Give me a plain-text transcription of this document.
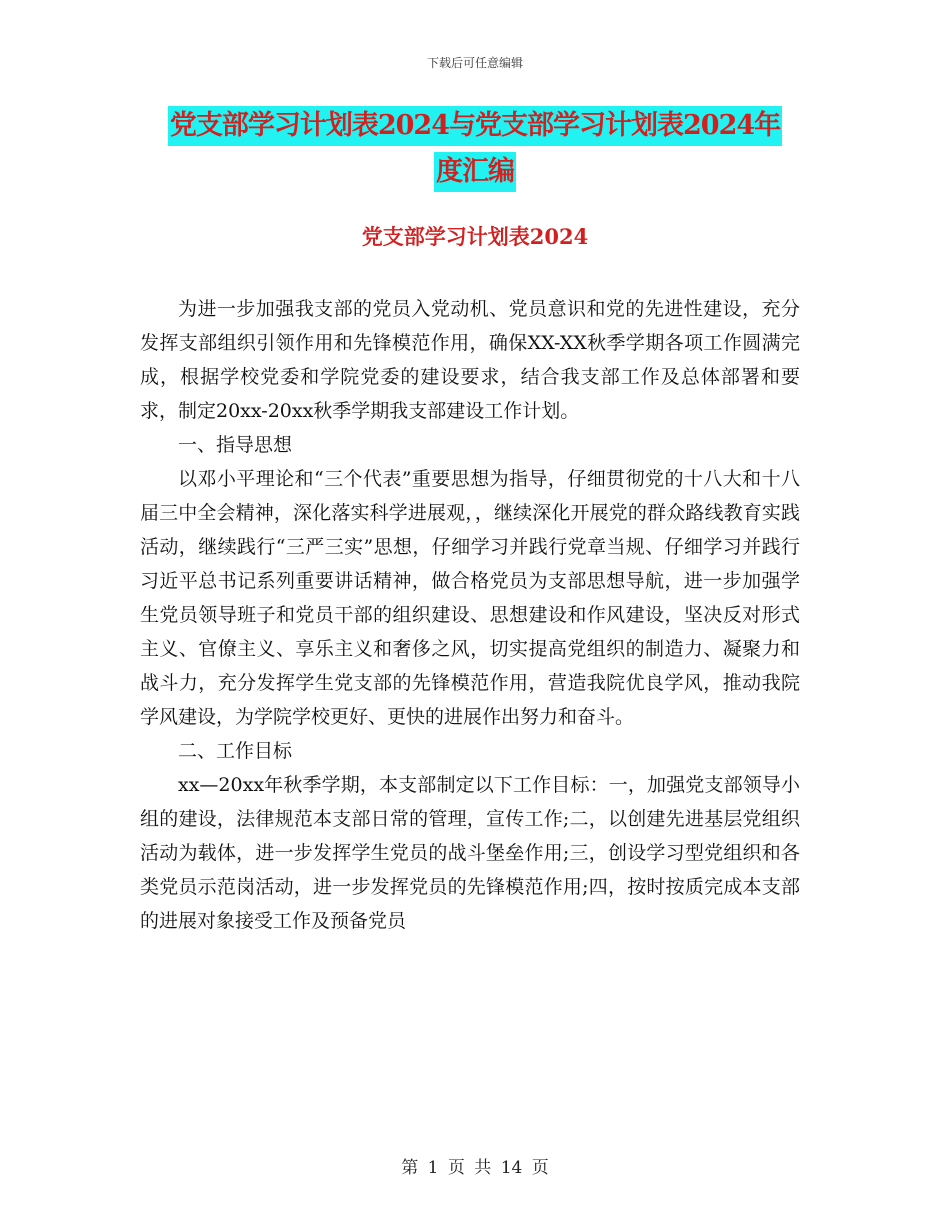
下载后可任意编辑
党支部学习计划表2024与党支部学习计划表2024年
度汇编
党支部学习计划表2024

为进一步加强我支部的党员入党动机、党员意识和党的先进性建设，充分发挥支部组织引领作用和先锋模范作用，确保XX-XX秋季学期各项工作圆满完成，根据学校党委和学院党委的建设要求，结合我支部工作及总体部署和要求，制定20xx-20xx秋季学期我支部建设工作计划。

一、指导思想

以邓小平理论和“三个代表”重要思想为指导，仔细贯彻党的十八大和十八届三中全会精神，深化落实科学进展观，，继续深化开展党的群众路线教育实践活动，继续践行“三严三实”思想，仔细学习并践行党章当规、仔细学习并践行习近平总书记系列重要讲话精神，做合格党员为支部思想导航，进一步加强学生党员领导班子和党员干部的组织建设、思想建设和作风建设，坚决反对形式主义、官僚主义、享乐主义和奢侈之风，切实提高党组织的制造力、凝聚力和战斗力，充分发挥学生党支部的先锋模范作用，营造我院优良学风，推动我院学风建设，为学院学校更好、更快的进展作出努力和奋斗。

二、工作目标

xx—20xx年秋季学期，本支部制定以下工作目标：一，加强党支部领导小组的建设，法律规范本支部日常的管理，宣传工作;二，以创建先进基层党组织活动为载体，进一步发挥学生党员的战斗堡垒作用;三，创设学习型党组织和各类党员示范岗活动，进一步发挥党员的先锋模范作用;四，按时按质完成本支部的进展对象接受工作及预备党员

第 1 页 共 14 页
